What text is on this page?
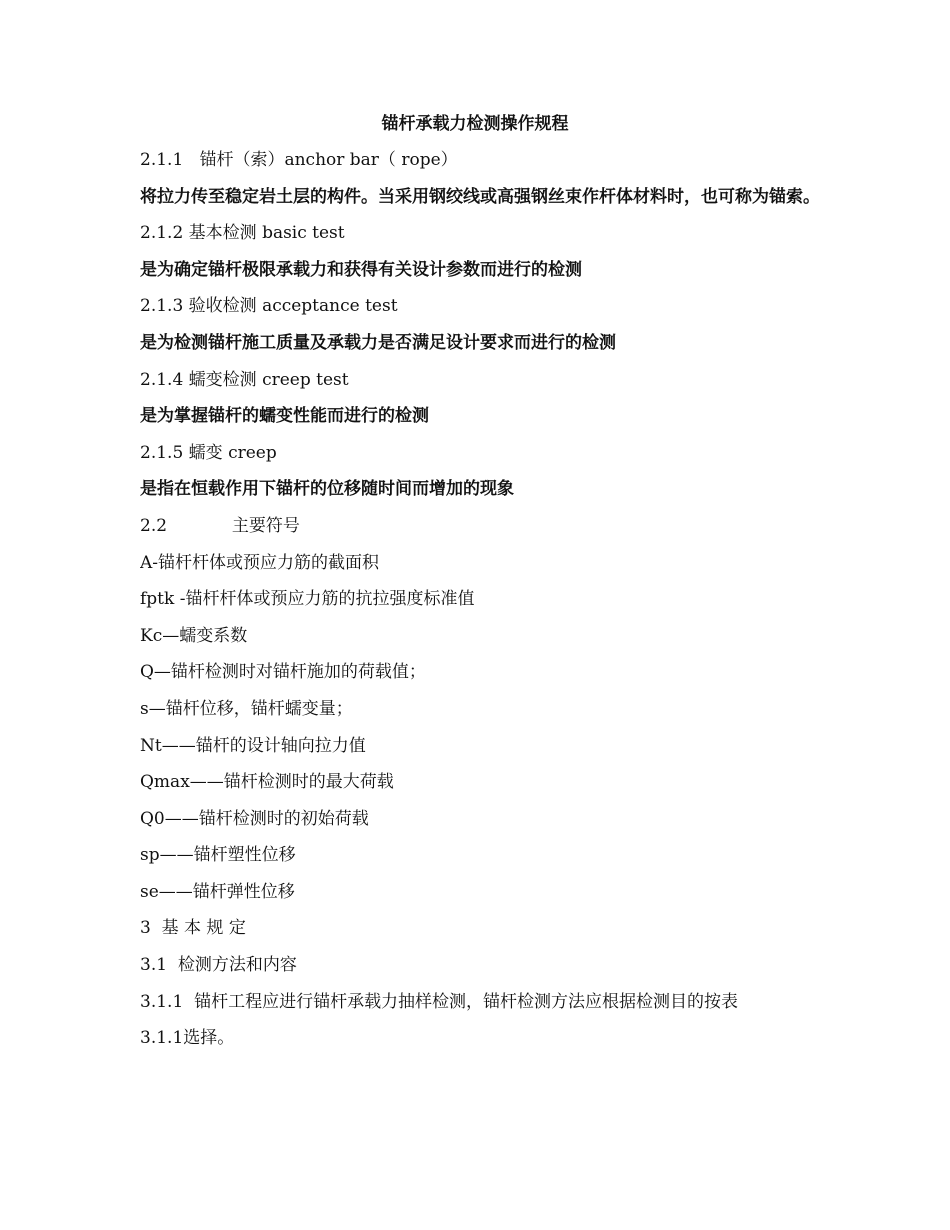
锚杆承载力检测操作规程
2.1.1   锚杆（索）anchor bar（ rope）
将拉力传至稳定岩土层的构件。当采用钢绞线或高强钢丝束作杆体材料时，也可称为锚索。
2.1.2 基本检测 basic test
是为确定锚杆极限承载力和获得有关设计参数而进行的检测
2.1.3 验收检测 acceptance test
是为检测锚杆施工质量及承载力是否满足设计要求而进行的检测
2.1.4 蠕变检测 creep test
是为掌握锚杆的蠕变性能而进行的检测
2.1.5 蠕变 creep
是指在恒载作用下锚杆的位移随时间而增加的现象
2.2            主要符号
A-锚杆杆体或预应力筋的截面积
fptk -锚杆杆体或预应力筋的抗拉强度标准值
Kc—蠕变系数
Q—锚杆检测时对锚杆施加的荷载值；
s—锚杆位移，锚杆蠕变量；
Nt——锚杆的设计轴向拉力值
Qmax——锚杆检测时的最大荷载
Q0——锚杆检测时的初始荷载
sp——锚杆塑性位移
se——锚杆弹性位移
3  基 本 规 定
3.1  检测方法和内容
3.1.1  锚杆工程应进行锚杆承载力抽样检测，锚杆检测方法应根据检测目的按表
3.1.1选择。
